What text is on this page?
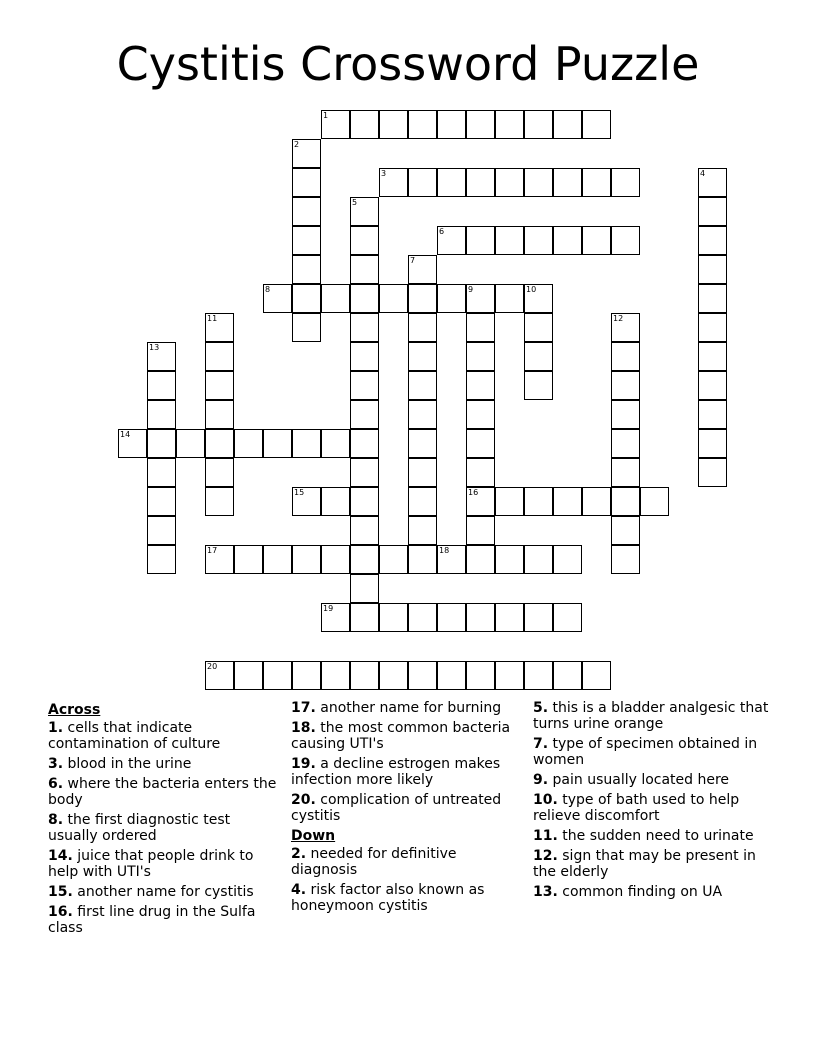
Cystitis Crossword Puzzle
1
2
3	4
5
6
7
8	9	10
16
11	12
13
14
15
17	18
19
20
Across
1. cells that indicate contamination of culture
3. blood in the urine
6. where the bacteria enters the body
8. the first diagnostic test usually ordered
14. juice that people drink to help with UTI's
15. another name for cystitis
16. first line drug in the Sulfa class
17. another name for burning
18. the most common bacteria causing UTI's
19. a decline estrogen makes infection more likely
20. complication of untreated cystitis
Down
2. needed for definitive diagnosis
4. risk factor also known as honeymoon cystitis
5. this is a bladder analgesic that turns urine orange
7. type of specimen obtained in women
9. pain usually located here
10. type of bath used to help relieve discomfort
11. the sudden need to urinate
12. sign that may be present in the elderly
13. common finding on UA
